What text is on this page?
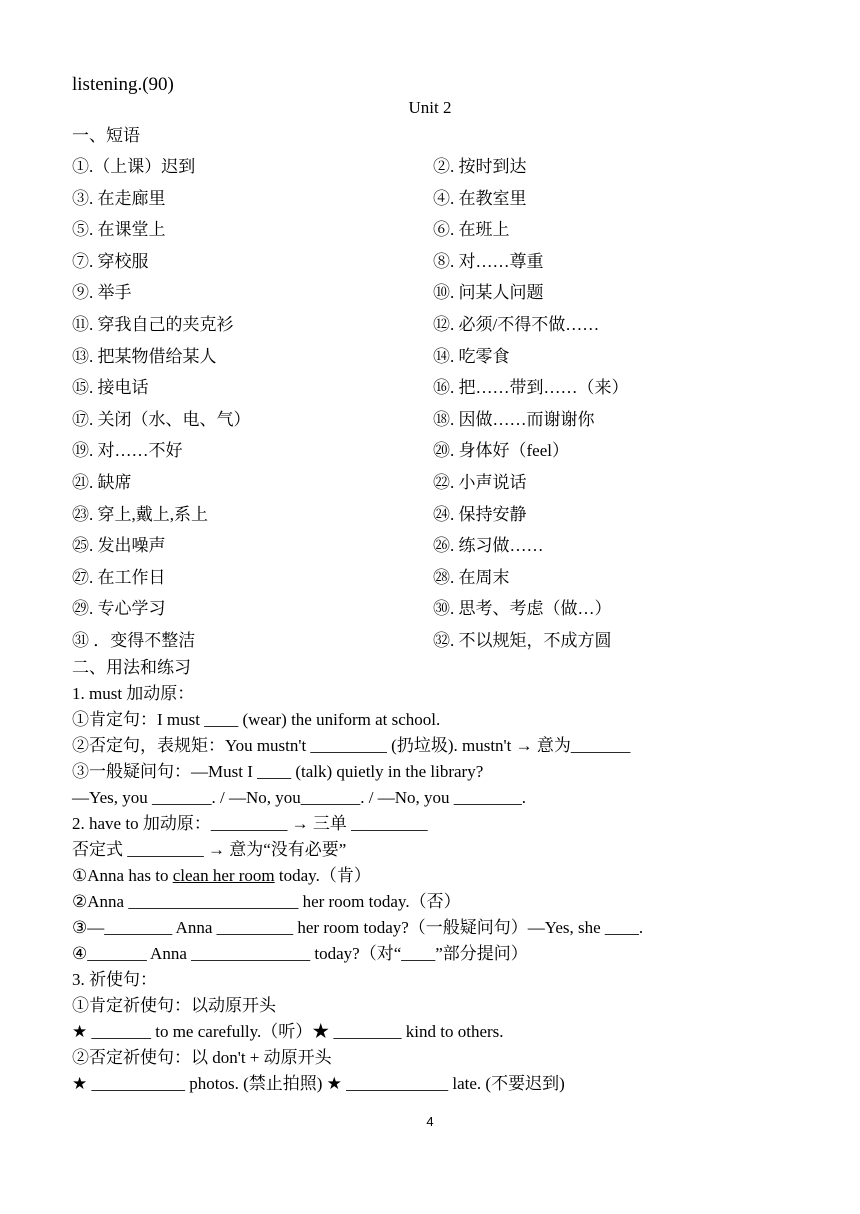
listening.(90)
Unit 2
一、短语
①.（上课）迟到	②. 按时到达
③. 在走廊里	④. 在教室里
⑤. 在课堂上	⑥. 在班上
⑦. 穿校服	⑧. 对……尊重
⑨. 举手	⑩. 问某人问题
⑪. 穿我自己的夹克衫	⑫. 必须/不得不做……
⑬. 把某物借给某人	⑭. 吃零食
⑮. 接电话	⑯. 把……带到……（来）
⑰. 关闭（水、电、气）	⑱. 因做……而谢谢你
⑲. 对……不好	⑳. 身体好（feel）
㉑. 缺席	㉒. 小声说话
㉓. 穿上,戴上,系上	㉔. 保持安静
㉕. 发出噪声	㉖. 练习做……
㉗. 在工作日	㉘. 在周末
㉙. 专心学习	㉚. 思考、考虑（做…）
㉛ ．变得不整洁	㉜. 不以规矩，不成方圆
二、用法和练习
1. must 加动原：
①肯定句：I must ____ (wear) the uniform at school.
②否定句，表规矩：You mustn't _________ (扔垃圾). mustn't → 意为_______
③一般疑问句：—Must I ____ (talk) quietly in the library?
—Yes, you _______. / —No, you_______. / —No, you ________.
2. have to 加动原：_________ → 三单 _________
否定式 _________ → 意为“没有必要”
①Anna has to clean her room today.（肯）
②Anna ____________________ her room today.（否）
③—________ Anna _________ her room today?（一般疑问句）—Yes, she ____.
④_______ Anna ______________ today?（对“____”部分提问）
3. 祈使句：
①肯定祈使句：以动原开头
★ _______ to me carefully.（听）★ ________ kind to others.
②否定祈使句：以 don't + 动原开头
★ ___________ photos. (禁止拍照) ★ ____________ late. (不要迟到)
4
